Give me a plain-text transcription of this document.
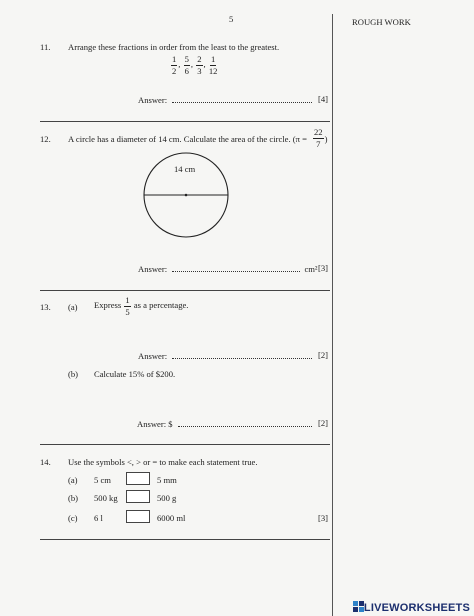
5	ROUGH WORK
11. Arrange these fractions in order from the least to the greatest.
$\frac{1}{2}$ , $\frac{5}{6}$ , $\frac{2}{3}$ , $\frac{1}{12}$
Answer:	[4]
12. A circle has a diameter of 14 cm. Calculate the area of the circle. ($\pi = \frac{22}{7}$ )
14 cm
Answer:	cm² [3]
13. (a) Express $\frac{1}{5}$ as a percentage.
Answer:	[2]
(b) Calculate 15% of $200.
Answer: $	[2]
14. Use the symbols <, > or = to make each statement true.
(a) 5 cm	5 mm
(b) 500 kg	500 g
(c) 6 l	6000 ml	[3]
LIVEWORKSHEETS
